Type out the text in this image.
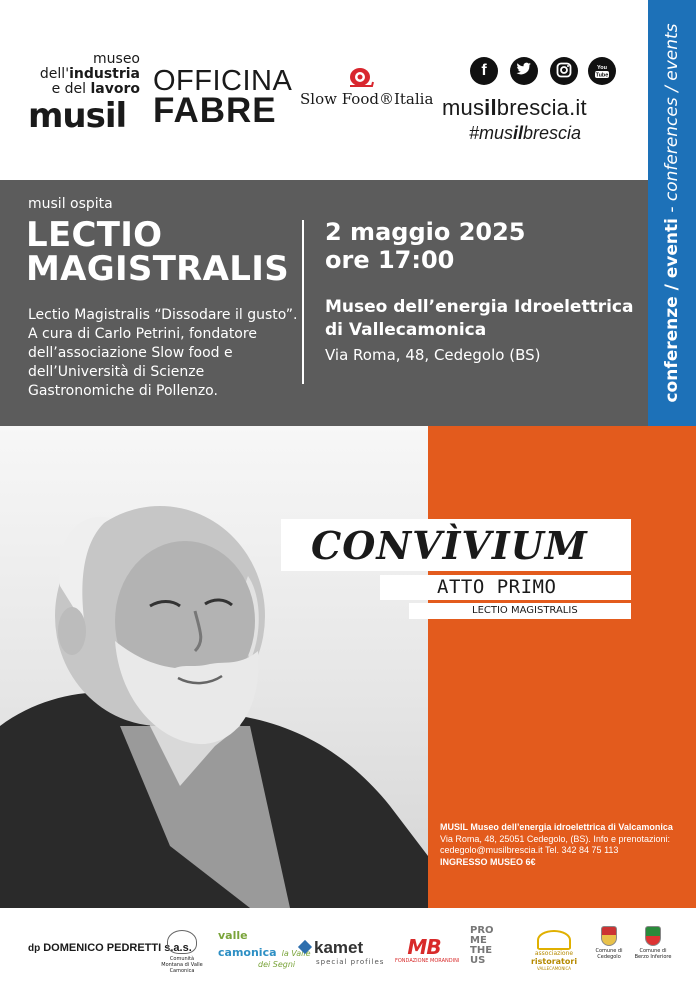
museo
dell'industria
e del lavoro
musil
OFFICINA
FABRE	Slow Food®Italia
f	You
Tube
musilbrescia.it
#musilbrescia
conferenze / eventi - conferences / events
musil ospita
LECTIO
MAGISTRALIS
Lectio Magistralis “Dissodare il gusto”.
A cura di Carlo Petrini, fondatore
dell’associazione Slow food e
dell’Università di Scienze
Gastronomiche di Pollenzo.
2 maggio 2025
ore 17:00
Museo dell’energia Idroelettrica
di Vallecamonica
Via Roma, 48, Cedegolo (BS)
CONVÌVIUM
ATTO PRIMO
LECTIO MAGISTRALIS
MUSIL Museo dell’energia idroelettrica di Valcamonica
Via Roma, 48, 25051 Cedegolo, (BS). Info e prenotazioni:
cedegolo@musilbrescia.it Tel. 342 84 75 113
INGRESSO MUSEO 6€
dp DOMENICO PEDRETTI s.a.s.
Comunità Montana di Valle Camonica
valle
camonica la Valle
dei Segni
kamet
special profiles
MB
FONDAZIONE MORANDINI
PRO
ME
THE
US
associazione
ristoratori
VALLECAMONICA
Comune di Cedegolo
Comune di Berzo Inferiore
